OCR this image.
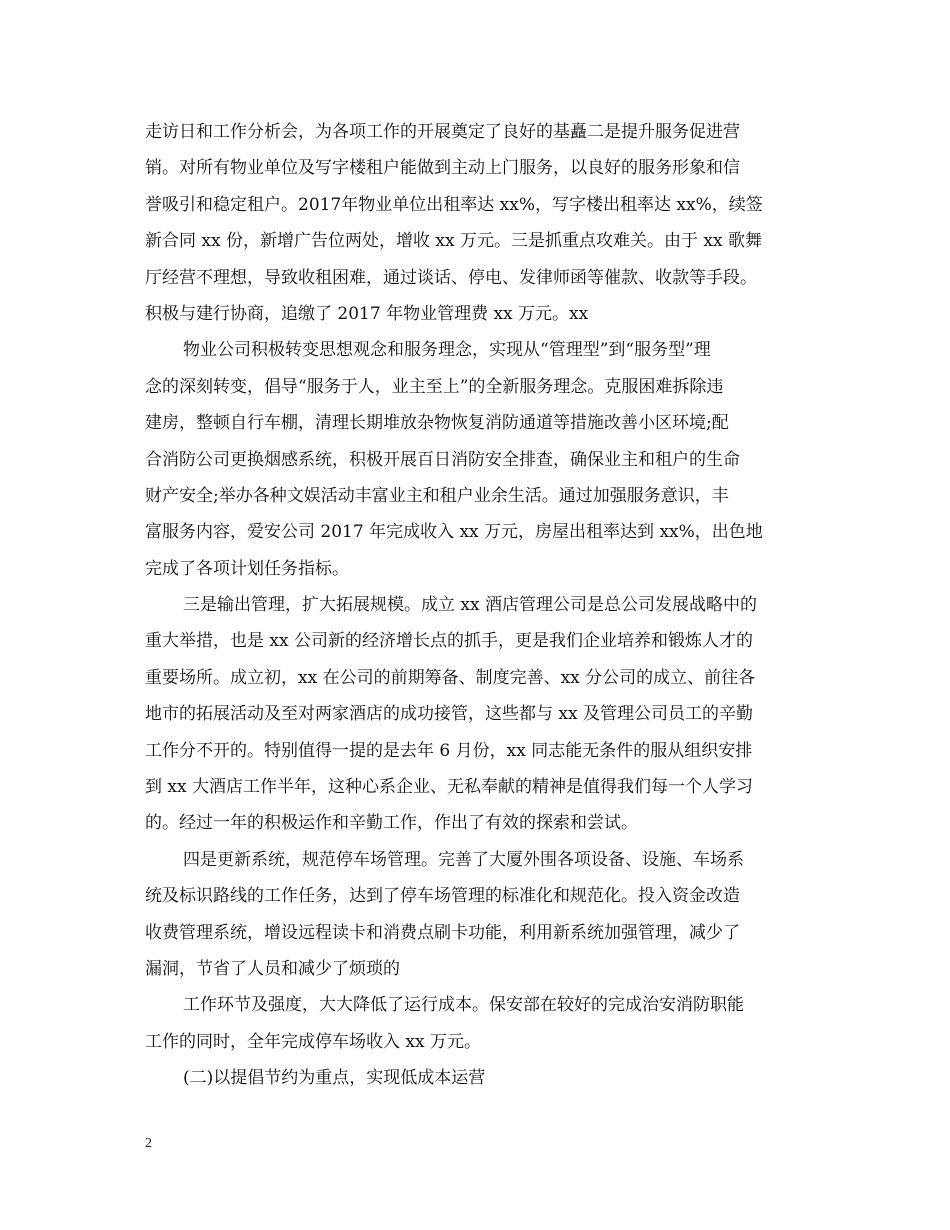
走访日和工作分析会，为各项工作的开展奠定了良好的基矗二是提升服务促进营
销。对所有物业单位及写字楼租户能做到主动上门服务，以良好的服务形象和信
誉吸引和稳定租户。2017年物业单位出租率达 xx%，写字楼出租率达 xx%，续签
新合同 xx 份，新增广告位两处，增收 xx 万元。三是抓重点攻难关。由于 xx 歌舞
厅经营不理想，导致收租困难，通过谈话、停电、发律师函等催款、收款等手段。
积极与建行协商，追缴了 2017 年物业管理费 xx 万元。xx
物业公司积极转变思想观念和服务理念，实现从“管理型”到“服务型”理
念的深刻转变，倡导“服务于人，业主至上”的全新服务理念。克服困难拆除违
建房，整顿自行车棚，清理长期堆放杂物恢复消防通道等措施改善小区环境;配
合消防公司更换烟感系统，积极开展百日消防安全排查，确保业主和租户的生命
财产安全;举办各种文娱活动丰富业主和租户业余生活。通过加强服务意识，丰
富服务内容，爱安公司 2017 年完成收入 xx 万元，房屋出租率达到 xx%，出色地
完成了各项计划任务指标。
三是输出管理，扩大拓展规模。成立 xx 酒店管理公司是总公司发展战略中的
重大举措，也是 xx 公司新的经济增长点的抓手，更是我们企业培养和锻炼人才的
重要场所。成立初，xx 在公司的前期筹备、制度完善、xx 分公司的成立、前往各
地市的拓展活动及至对两家酒店的成功接管，这些都与 xx 及管理公司员工的辛勤
工作分不开的。特别值得一提的是去年 6 月份，xx 同志能无条件的服从组织安排
到 xx 大酒店工作半年，这种心系企业、无私奉献的精神是值得我们每一个人学习
的。经过一年的积极运作和辛勤工作，作出了有效的探索和尝试。
四是更新系统，规范停车场管理。完善了大厦外围各项设备、设施、车场系
统及标识路线的工作任务，达到了停车场管理的标准化和规范化。投入资金改造
收费管理系统，增设远程读卡和消费点刷卡功能，利用新系统加强管理，减少了
漏洞，节省了人员和减少了烦琐的
工作环节及强度，大大降低了运行成本。保安部在较好的完成治安消防职能
工作的同时，全年完成停车场收入 xx 万元。
(二)以提倡节约为重点，实现低成本运营
2
